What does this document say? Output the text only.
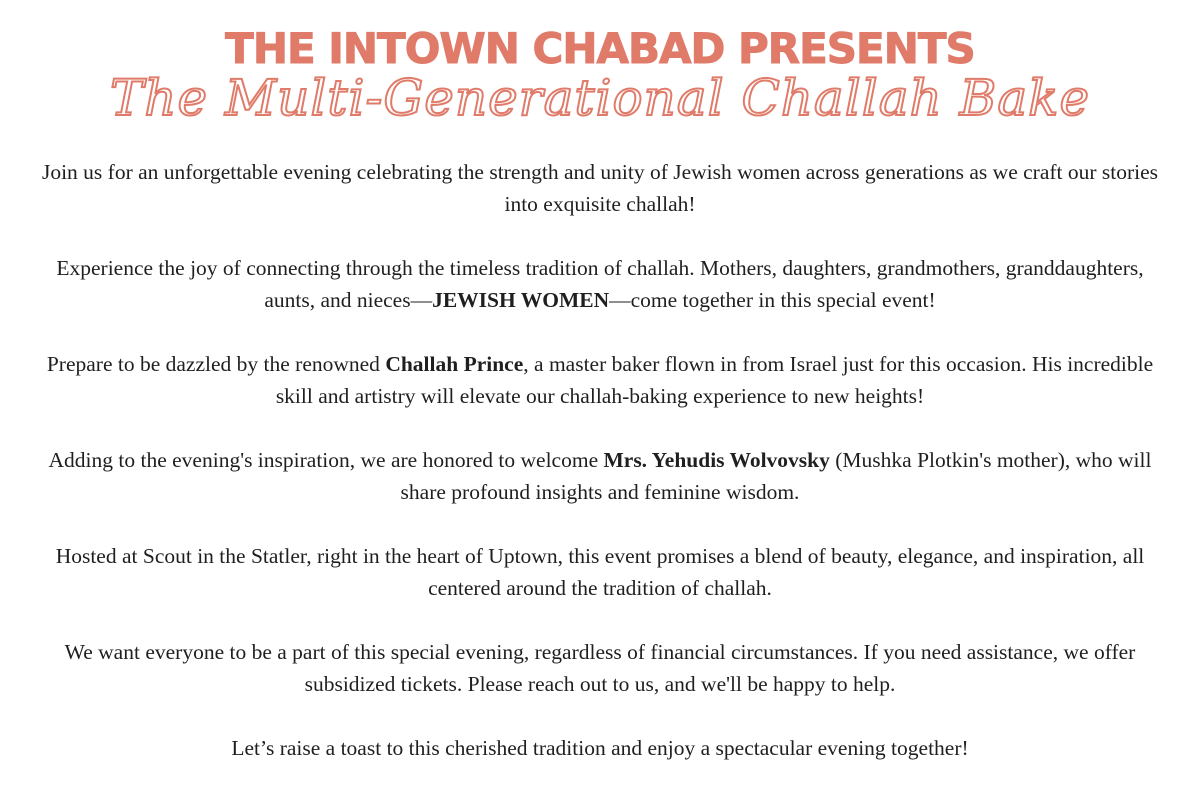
THE INTOWN CHABAD PRESENTS
The Multi-Generational Challah Bake

Join us for an unforgettable evening celebrating the strength and unity of Jewish women across generations as we craft our stories into exquisite challah!

Experience the joy of connecting through the timeless tradition of challah. Mothers, daughters, grandmothers, granddaughters, aunts, and nieces—JEWISH WOMEN—come together in this special event!

Prepare to be dazzled by the renowned Challah Prince, a master baker flown in from Israel just for this occasion. His incredible skill and artistry will elevate our challah-baking experience to new heights!

Adding to the evening's inspiration, we are honored to welcome Mrs. Yehudis Wolvovsky (Mushka Plotkin's mother), who will share profound insights and feminine wisdom.

Hosted at Scout in the Statler, right in the heart of Uptown, this event promises a blend of beauty, elegance, and inspiration, all centered around the tradition of challah.

We want everyone to be a part of this special evening, regardless of financial circumstances. If you need assistance, we offer subsidized tickets. Please reach out to us, and we'll be happy to help.

Let’s raise a toast to this cherished tradition and enjoy a spectacular evening together!
